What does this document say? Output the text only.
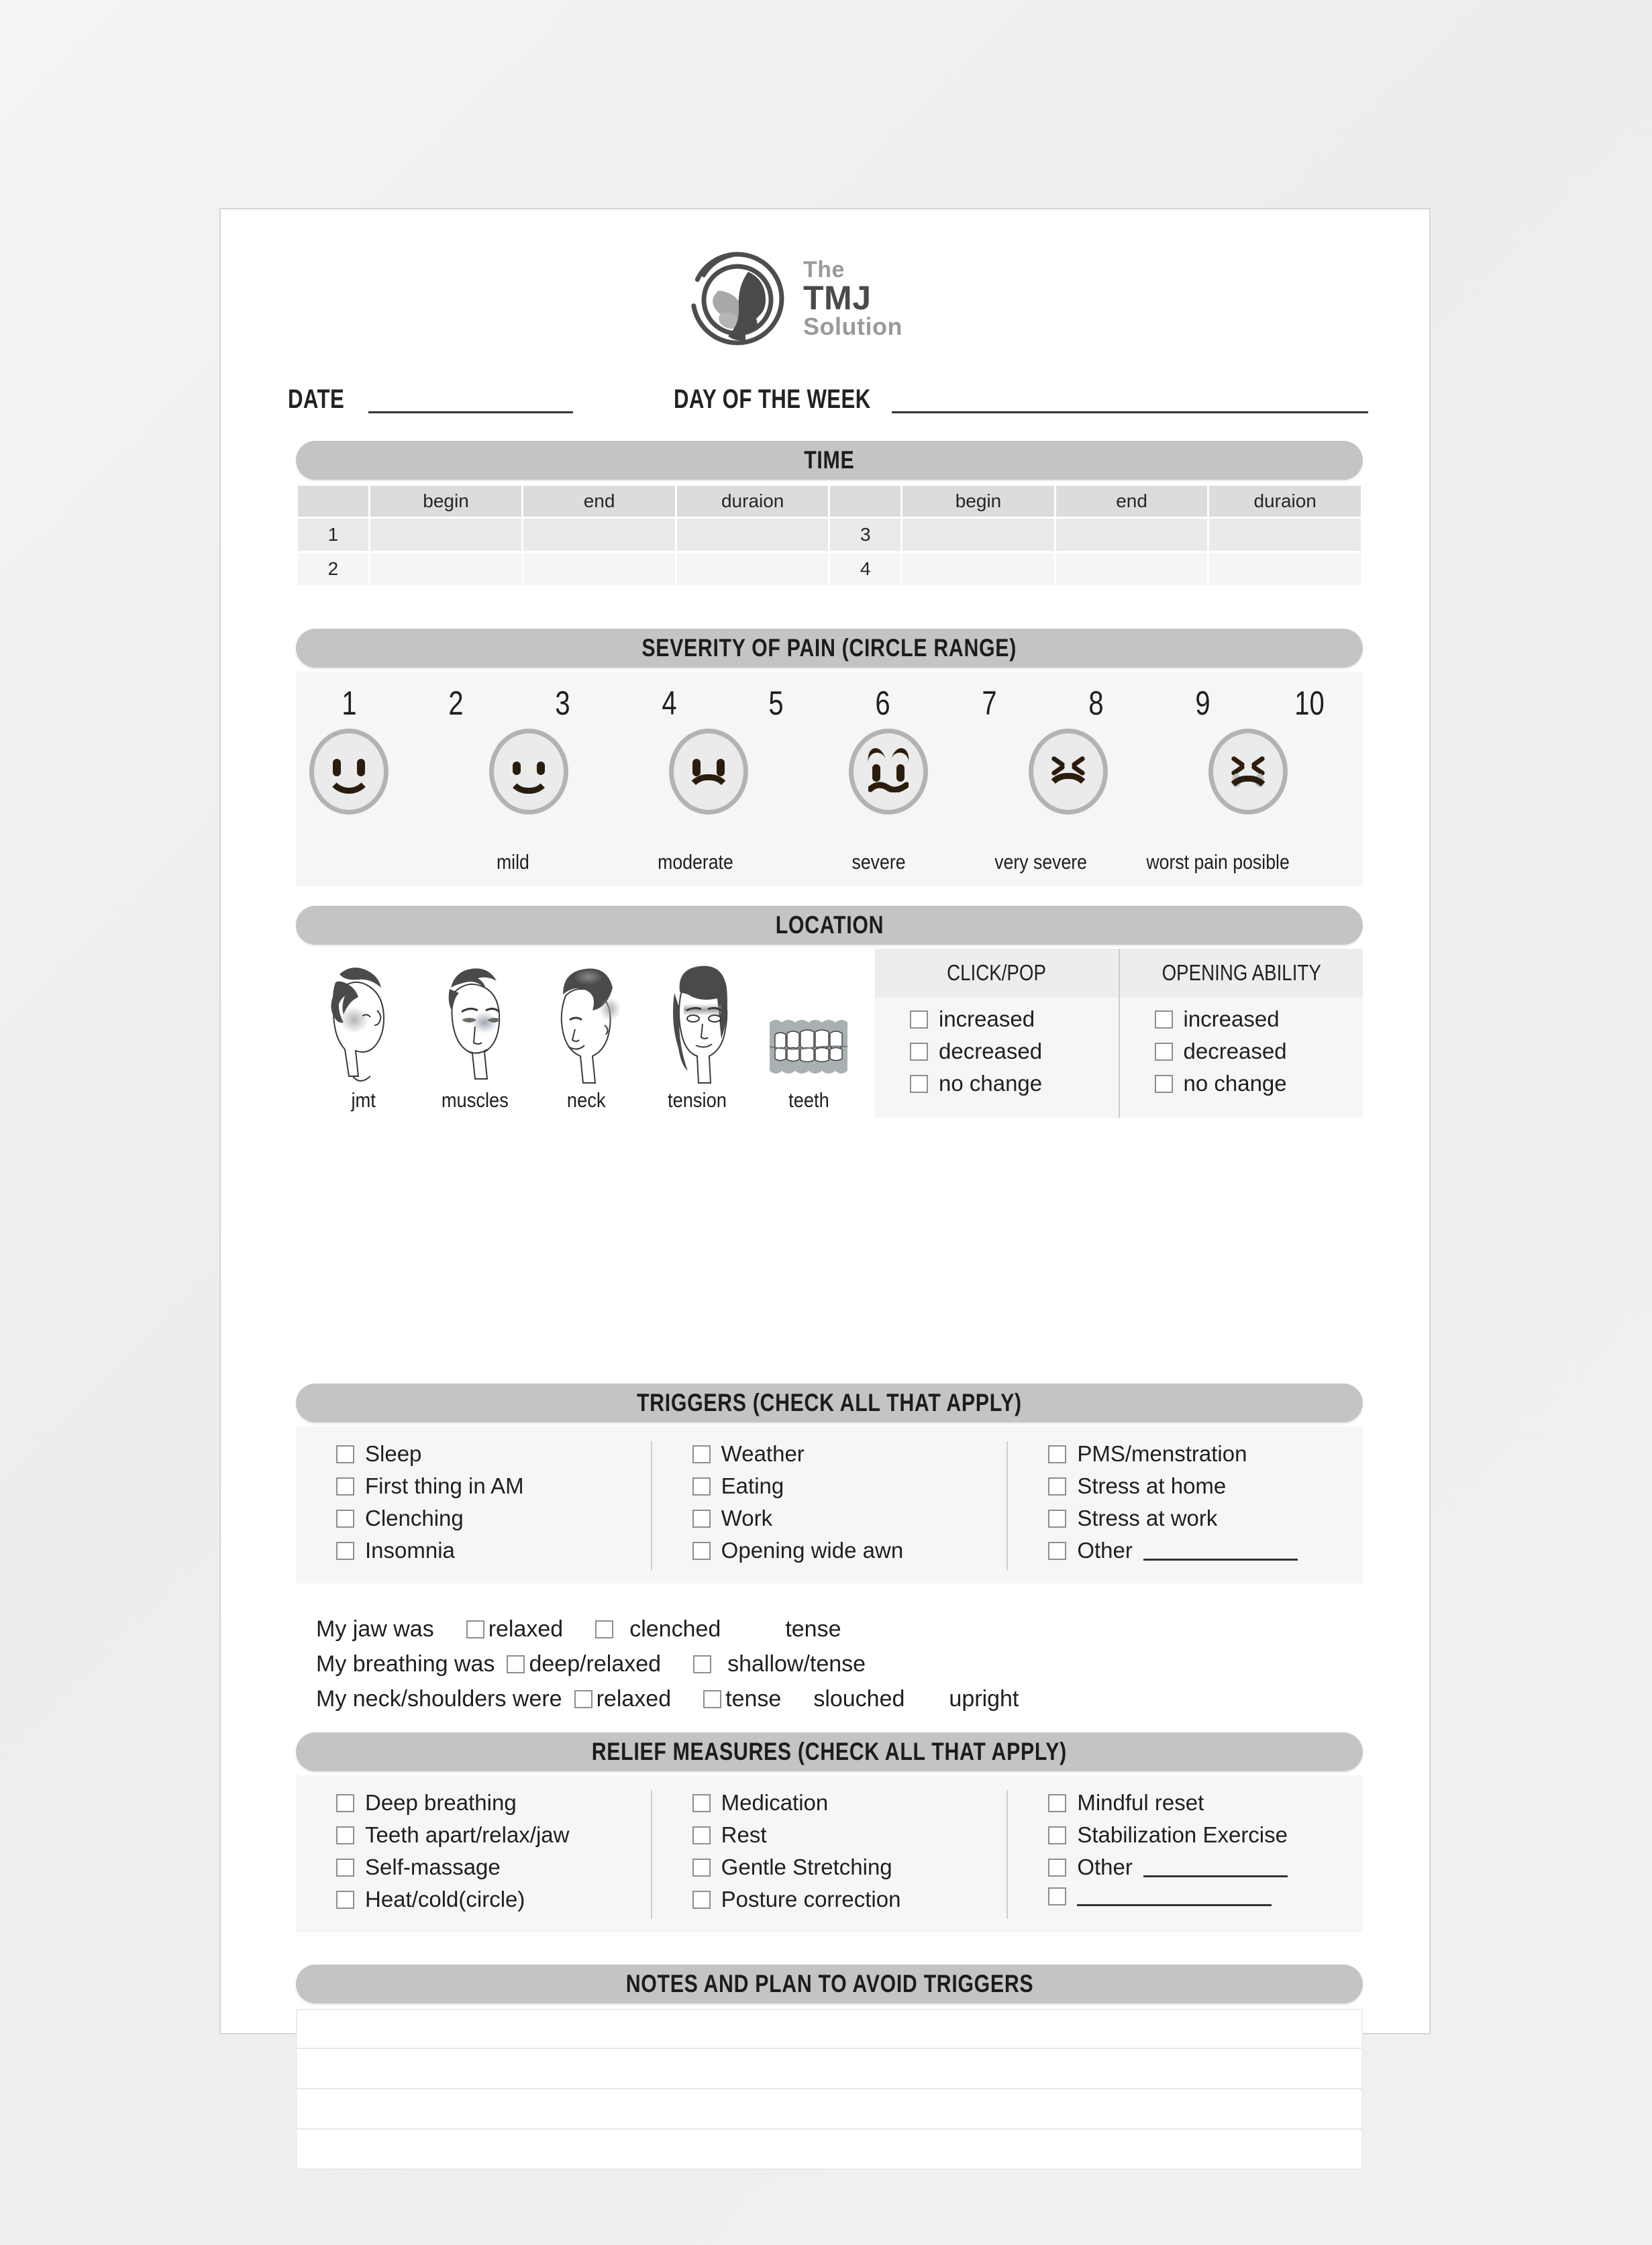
The
TMJ
Solution
DATE	DAY OF THE WEEK
TIME
	begin	end	duraion		begin	end	duraion
1				3			
2				4			
SEVERITY OF PAIN (CIRCLE RANGE)
1	2	3	4	5	6	7	8	9	10
mild	moderate	severe	very severe	worst pain posible
LOCATION
jmt	muscles	neck	tension	teeth
CLICK/POP
increased
decreased
no change
OPENING ABILITY
increased
decreased
no change
TRIGGERS (CHECK ALL THAT APPLY)
Sleep
First thing in AM
Clenching
Insomnia
Weather
Eating
Work
Opening wide awn
PMS/menstration
Stress at home
Stress at work
Other
My jaw was relaxed	clenched	tense
My breathing was deep/relaxed	shallow/tense
My neck/shoulders were relaxed tense slouched upright
RELIEF MEASURES (CHECK ALL THAT APPLY)
Deep breathing
Teeth apart/relax/jaw
Self-massage
Heat/cold(circle)
Medication
Rest
Gentle Stretching
Posture correction
Mindful reset
Stabilization Exercise
Other
NOTES AND PLAN TO AVOID TRIGGERS
